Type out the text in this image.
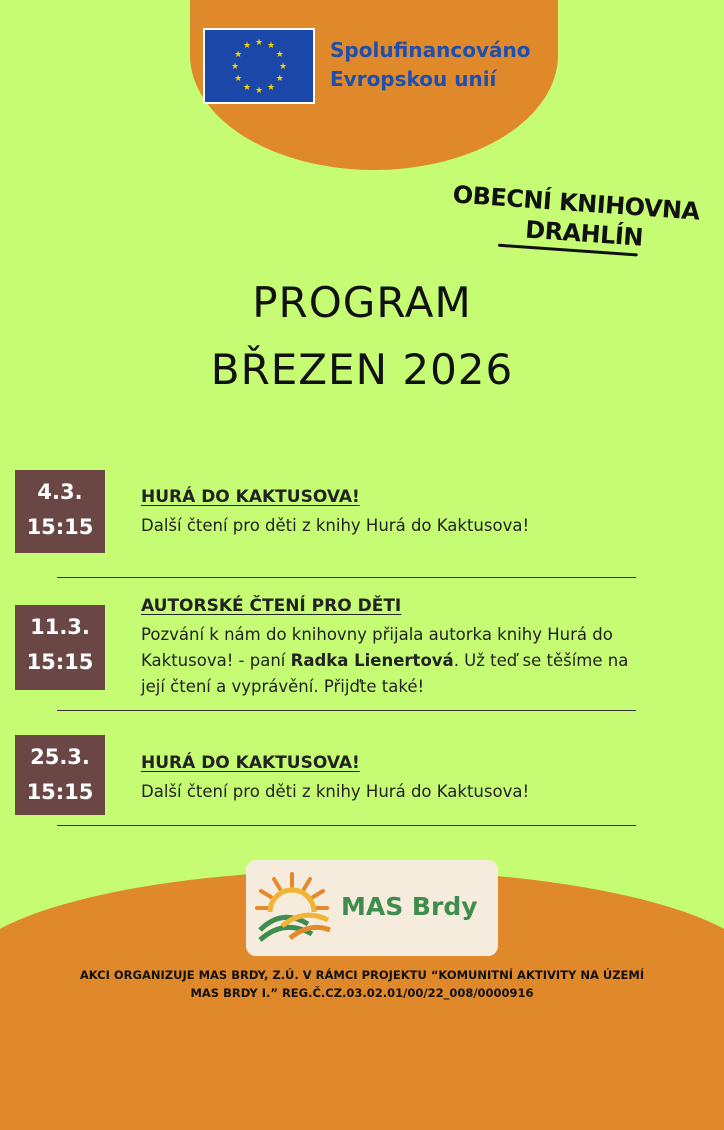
★ ★
★
★
★
★
★
★
★
★
★
★	Spolufinancováno
Evropskou unií
OBECNÍ KNIHOVNA
DRAHLÍN
PROGRAM
BŘEZEN 2026
4.3.
15:15
HURÁ DO KAKTUSOVA!
Další čtení pro děti z knihy Hurá do Kaktusova!
11.3.
15:15
AUTORSKÉ ČTENÍ PRO DĚTI
Pozvání k nám do knihovny přijala autorka knihy Hurá do Kaktusova! - paní Radka Lienertová. Už teď se těšíme na její čtení a vyprávění. Přijďte také!
25.3.
15:15
HURÁ DO KAKTUSOVA!
Další čtení pro děti z knihy Hurá do Kaktusova!
MAS Brdy
AKCI ORGANIZUJE MAS BRDY, Z.Ú. V RÁMCI PROJEKTU “KOMUNITNÍ AKTIVITY NA ÚZEMÍ
MAS BRDY I.” REG.Č.CZ.03.02.01/00/22_008/0000916
